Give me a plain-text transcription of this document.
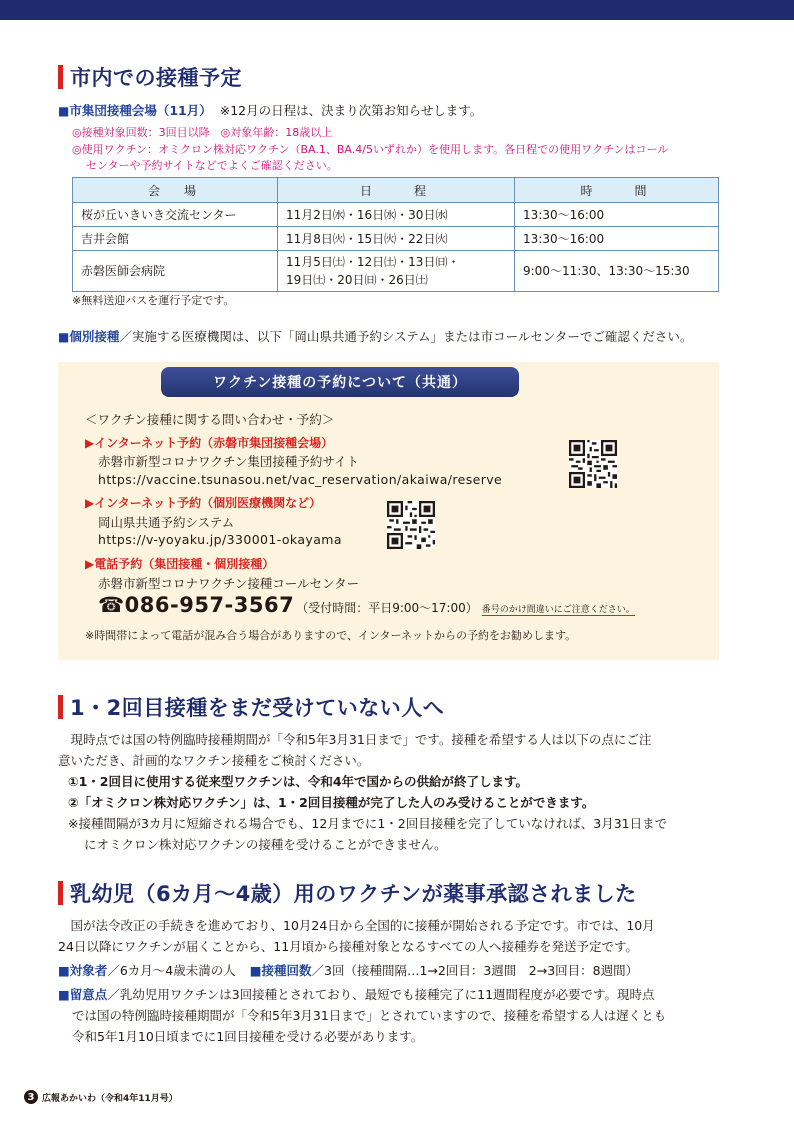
市内での接種予定
■市集団接種会場（11月） ※12月の日程は、決まり次第お知らせします。
◎接種対象回数：3回目以降　◎対象年齢：18歳以上
◎使用ワクチン：オミクロン株対応ワクチン（BA.1、BA.4/5いずれか）を使用します。各日程での使用ワクチンはコール
センターや予約サイトなどでよくご確認ください。
会　場	日　　程	時　　間
桜が丘いきいき交流センター	11月2日㈬・16日㈬・30日㈬	13:30〜16:00
吉井会館	11月8日㈫・15日㈫・22日㈫	13:30〜16:00
赤磐医師会病院	11月5日㈯・12日㈯・13日㈰・
19日㈯・20日㈰・26日㈯	9:00〜11:30、13:30〜15:30
※無料送迎バスを運行予定です。
■個別接種／実施する医療機関は、以下「岡山県共通予約システム」または市コールセンターでご確認ください。
ワクチン接種の予約について（共通）
＜ワクチン接種に関する問い合わせ・予約＞
▶インターネット予約（赤磐市集団接種会場）
赤磐市新型コロナワクチン集団接種予約サイト
https://vaccine.tsunasou.net/vac_reservation/akaiwa/reserve
▶インターネット予約（個別医療機関など）
岡山県共通予約システム
https://v-yoyaku.jp/330001-okayama
▶電話予約（集団接種・個別接種）
赤磐市新型コロナワクチン接種コールセンター
☎086-957-3567 （受付時間：平日9:00〜17:00） 番号のかけ間違いにご注意ください。
※時間帯によって電話が混み合う場合がありますので、インターネットからの予約をお勧めします。
1・2回目接種をまだ受けていない人へ
　現時点では国の特例臨時接種期間が「令和5年3月31日まで」です。接種を希望する人は以下の点にご注
意いただき、計画的なワクチン接種をご検討ください。
①1・2回目に使用する従来型ワクチンは、令和4年で国からの供給が終了します。
②「オミクロン株対応ワクチン」は、1・2回目接種が完了した人のみ受けることができます。
※接種間隔が3カ月に短縮される場合でも、12月までに1・2回目接種を完了していなければ、3月31日まで
にオミクロン株対応ワクチンの接種を受けることができません。
乳幼児（6カ月〜4歳）用のワクチンが薬事承認されました
　国が法令改正の手続きを進めており、10月24日から全国的に接種が開始される予定です。市では、10月
24日以降にワクチンが届くことから、11月頃から接種対象となるすべての人へ接種券を発送予定です。
■対象者／6カ月〜4歳未満の人 ■接種回数／3回（接種間隔…1→2回目：3週間　2→3回目：8週間）
■留意点／乳幼児用ワクチンは3回接種とされており、最短でも接種完了に11週間程度が必要です。現時点
では国の特例臨時接種期間が「令和5年3月31日まで」とされていますので、接種を希望する人は遅くとも
令和5年1月10日頃までに1回目接種を受ける必要があります。
3 広報あかいわ（令和4年11月号）
